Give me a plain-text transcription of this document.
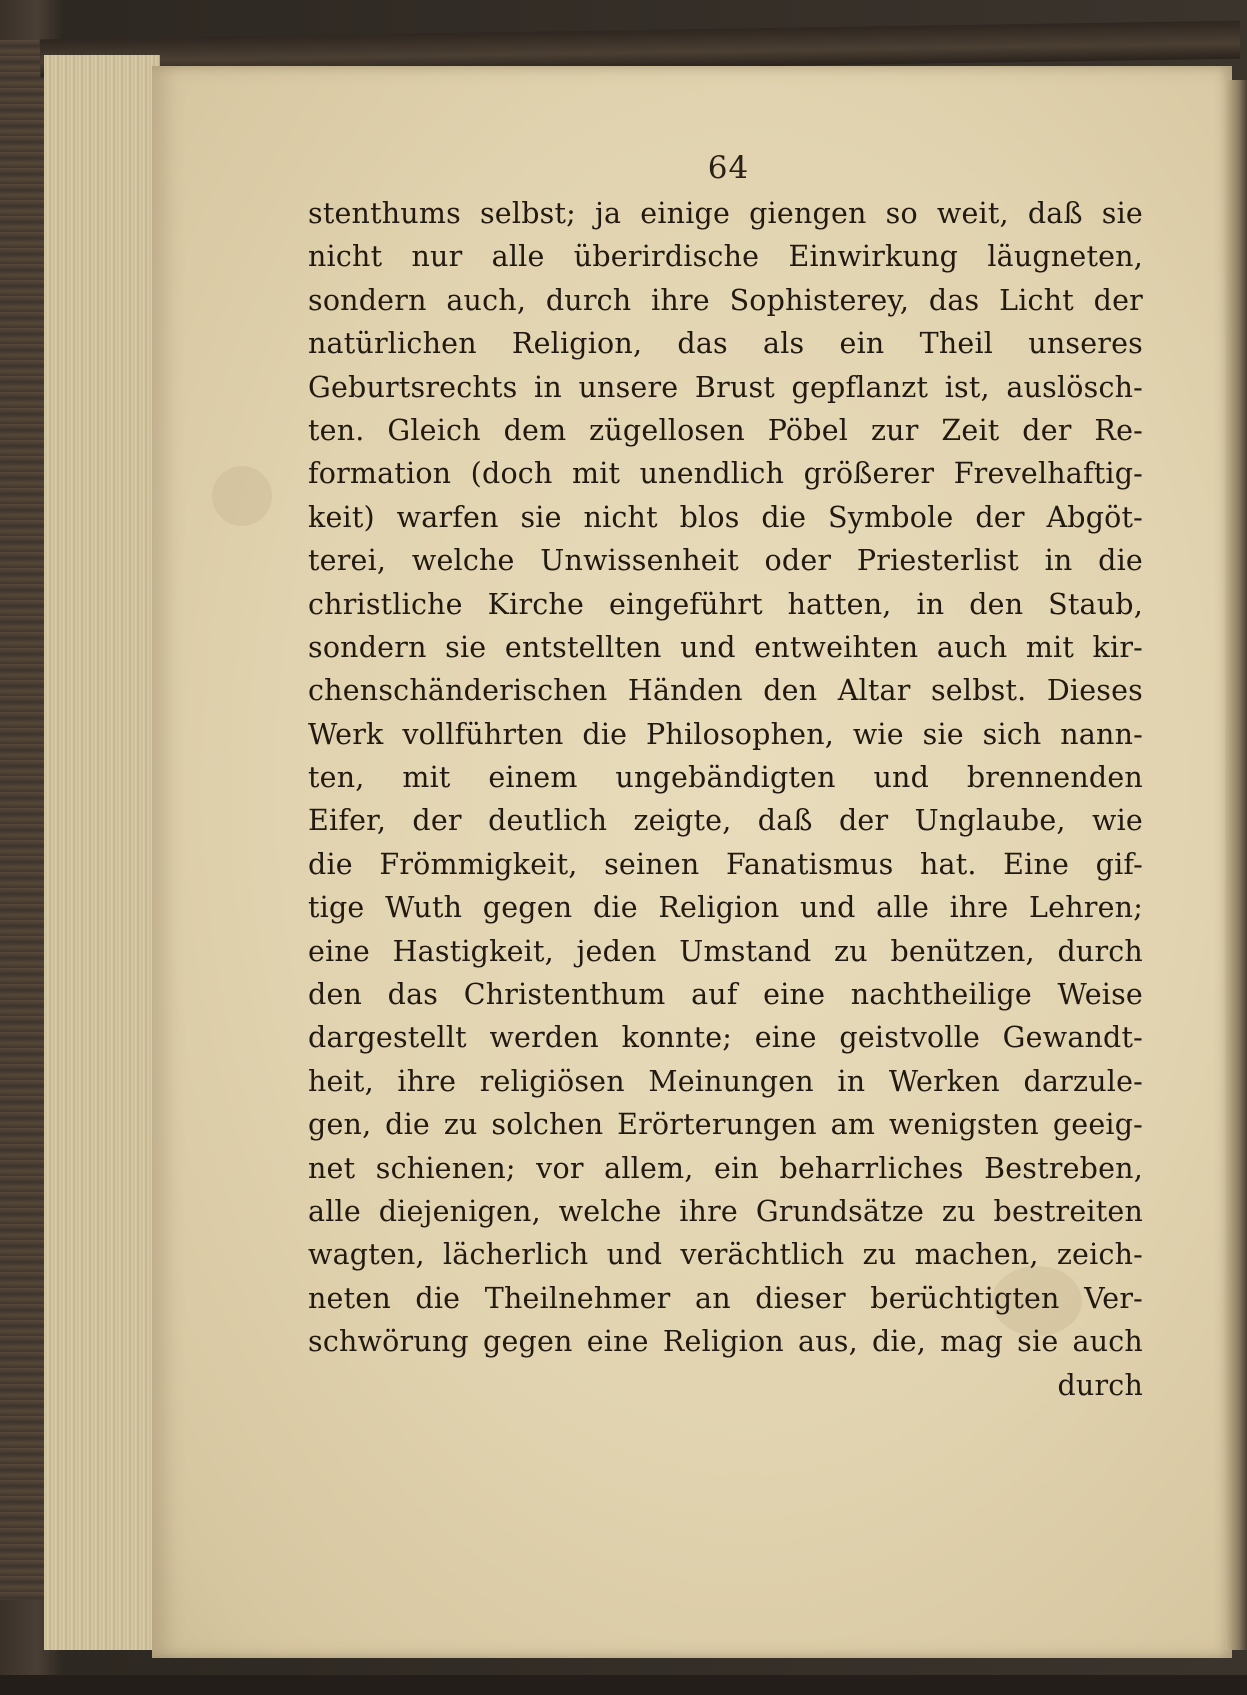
64
stenthums selbst; ja einige giengen so weit, daß sie
nicht nur alle überirdische Einwirkung läugneten,
sondern auch, durch ihre Sophisterey, das Licht der
natürlichen Religion, das als ein Theil unseres
Geburtsrechts in unsere Brust gepflanzt ist, auslösch-
ten. Gleich dem zügellosen Pöbel zur Zeit der Re-
formation (doch mit unendlich größerer Frevelhaftig-
keit) warfen sie nicht blos die Symbole der Abgöt-
terei, welche Unwissenheit oder Priesterlist in die
christliche Kirche eingeführt hatten, in den Staub,
sondern sie entstellten und entweihten auch mit kir-
chenschänderischen Händen den Altar selbst. Dieses
Werk vollführten die Philosophen, wie sie sich nann-
ten, mit einem ungebändigten und brennenden
Eifer, der deutlich zeigte, daß der Unglaube, wie
die Frömmigkeit, seinen Fanatismus hat. Eine gif-
tige Wuth gegen die Religion und alle ihre Lehren;
eine Hastigkeit, jeden Umstand zu benützen, durch
den das Christenthum auf eine nachtheilige Weise
dargestellt werden konnte; eine geistvolle Gewandt-
heit, ihre religiösen Meinungen in Werken darzule-
gen, die zu solchen Erörterungen am wenigsten geeig-
net schienen; vor allem, ein beharrliches Bestreben,
alle diejenigen, welche ihre Grundsätze zu bestreiten
wagten, lächerlich und verächtlich zu machen, zeich-
neten die Theilnehmer an dieser berüchtigten Ver-
schwörung gegen eine Religion aus, die, mag sie auch
durch
